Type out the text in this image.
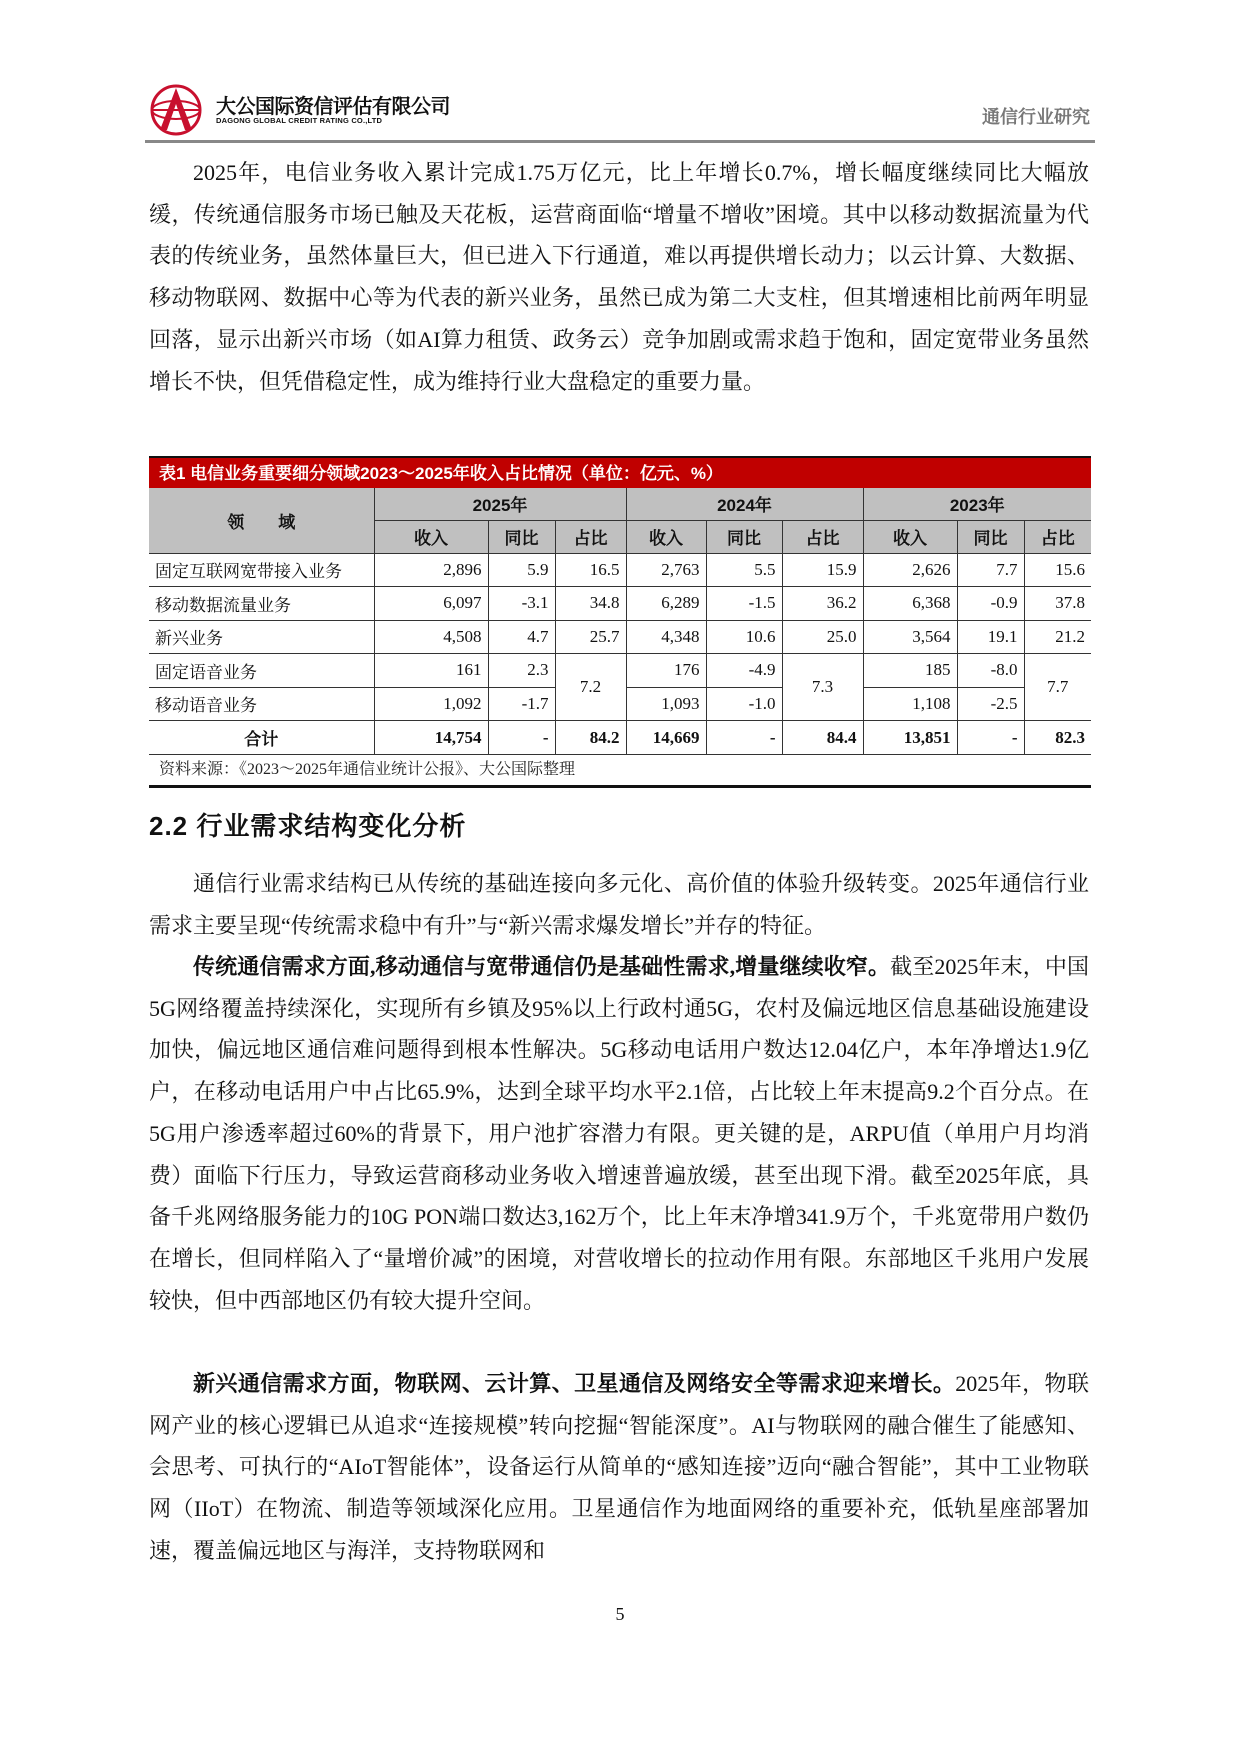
大公国际资信评估有限公司
DAGONG GLOBAL CREDIT RATING CO.,LTD	通信行业研究
2025年，电信业务收入累计完成1.75万亿元，比上年增长0.7%，增长幅度继续同比大幅放缓，传统通信服务市场已触及天花板，运营商面临“增量不增收”困境。其中以移动数据流量为代表的传统业务，虽然体量巨大，但已进入下行通道，难以再提供增长动力；以云计算、大数据、移动物联网、数据中心等为代表的新兴业务，虽然已成为第二大支柱，但其增速相比前两年明显回落，显示出新兴市场（如AI算力租赁、政务云）竞争加剧或需求趋于饱和，固定宽带业务虽然增长不快，但凭借稳定性，成为维持行业大盘稳定的重要力量。
表1 电信业务重要细分领域2023～2025年收入占比情况（单位：亿元、%）
领　　域	2025年			2024年			2023年		
	收入	同比	占比	收入	同比	占比	收入	同比	占比
固定互联网宽带接入业务	2,896	5.9	16.5	2,763	5.5	15.9	2,626	7.7	15.6
移动数据流量业务	6,097	-3.1	34.8	6,289	-1.5	36.2	6,368	-0.9	37.8
新兴业务	4,508	4.7	25.7	4,348	10.6	25.0	3,564	19.1	21.2
固定语音业务	161	2.3	7.2	176	-4.9	7.3	185	-8.0	7.7
移动语音业务	1,092	-1.7		1,093	-1.0		1,108	-2.5	
合计	14,754	-	84.2	14,669	-	84.4	13,851	-	82.3
资料来源：《2023～2025年通信业统计公报》、大公国际整理
2.2 行业需求结构变化分析
通信行业需求结构已从传统的基础连接向多元化、高价值的体验升级转变。2025年通信行业需求主要呈现“传统需求稳中有升”与“新兴需求爆发增长”并存的特征。
传统通信需求方面,移动通信与宽带通信仍是基础性需求,增量继续收窄。截至2025年末，中国5G网络覆盖持续深化，实现所有乡镇及95%以上行政村通5G，农村及偏远地区信息基础设施建设加快，偏远地区通信难问题得到根本性解决。5G移动电话用户数达12.04亿户，本年净增达1.9亿户，在移动电话用户中占比65.9%，达到全球平均水平2.1倍，占比较上年末提高9.2个百分点。在5G用户渗透率超过60%的背景下，用户池扩容潜力有限。更关键的是，ARPU值（单用户月均消费）面临下行压力，导致运营商移动业务收入增速普遍放缓，甚至出现下滑。截至2025年底，具备千兆网络服务能力的10G PON端口数达3,162万个，比上年末净增341.9万个，千兆宽带用户数仍在增长，但同样陷入了“量增价减”的困境，对营收增长的拉动作用有限。东部地区千兆用户发展较快，但中西部地区仍有较大提升空间。
新兴通信需求方面，物联网、云计算、卫星通信及网络安全等需求迎来增长。2025年，物联网产业的核心逻辑已从追求“连接规模”转向挖掘“智能深度”。AI与物联网的融合催生了能感知、会思考、可执行的“AIoT智能体”，设备运行从简单的“感知连接”迈向“融合智能”，其中工业物联网（IIoT）在物流、制造等领域深化应用。卫星通信作为地面网络的重要补充，低轨星座部署加速，覆盖偏远地区与海洋，支持物联网和
5
